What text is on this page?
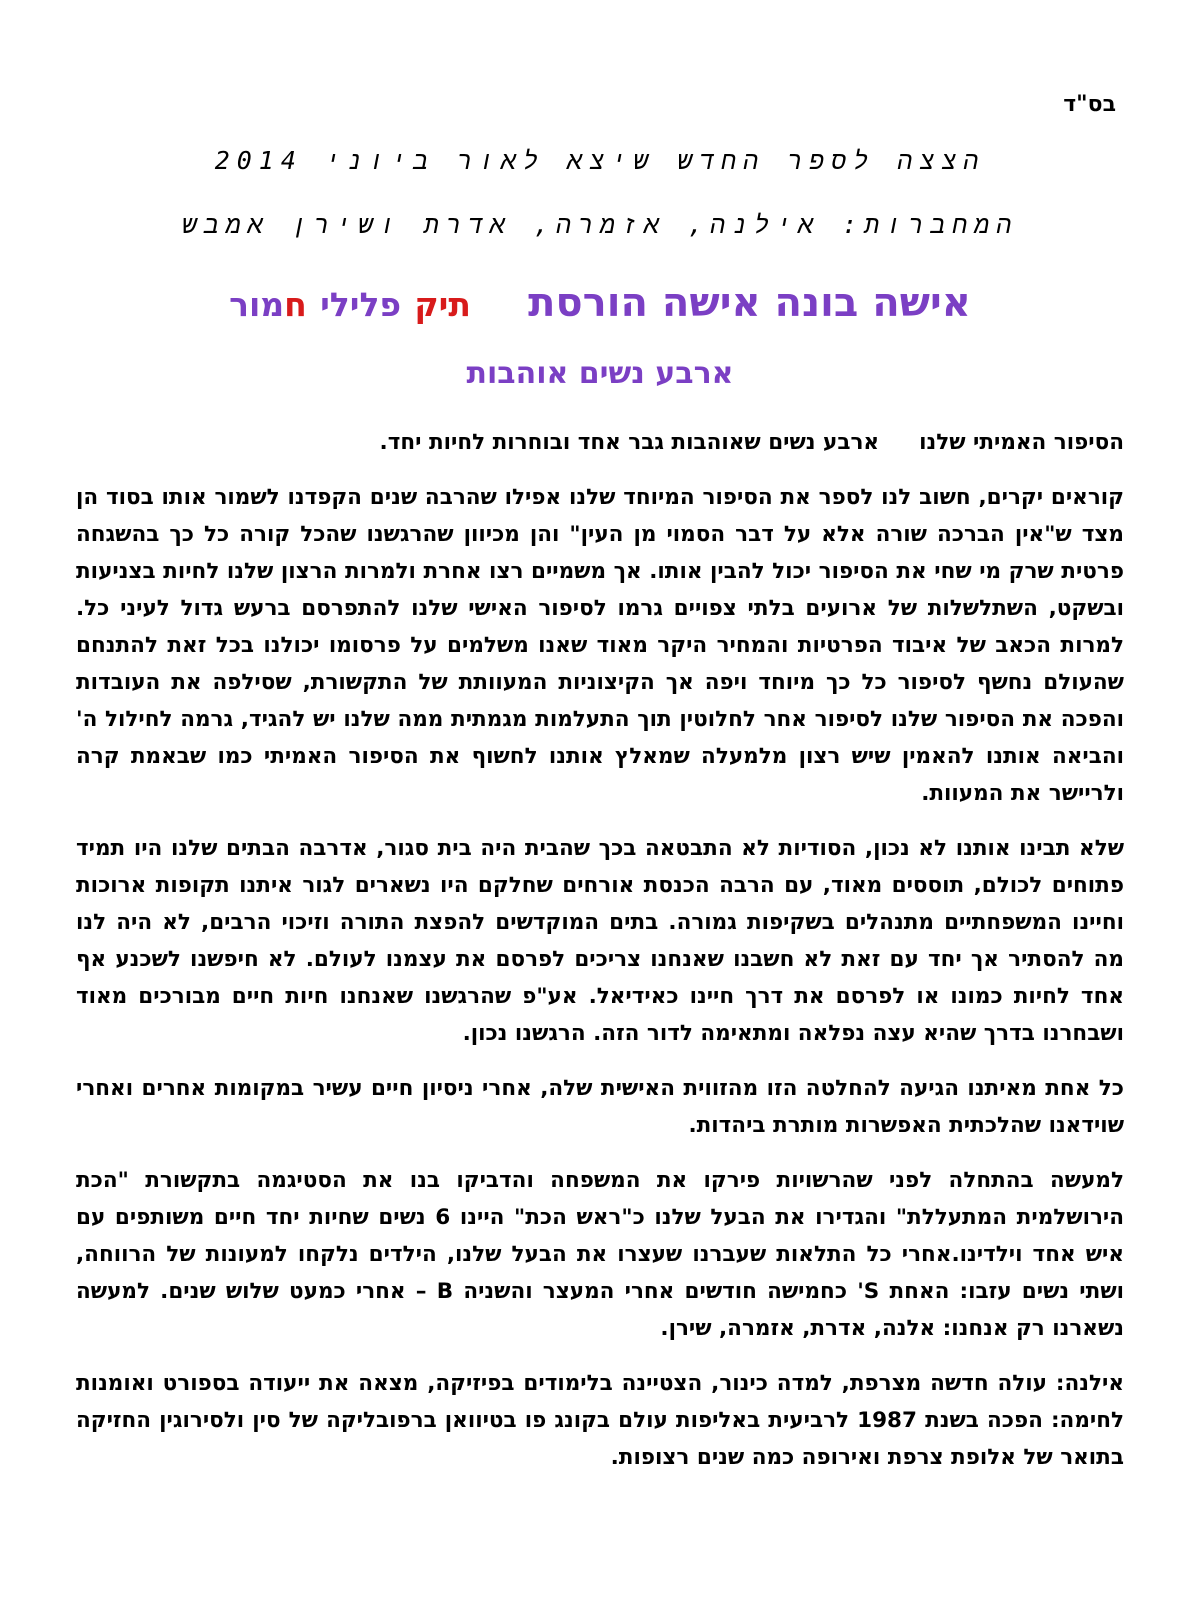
בס"ד
הצצה לספר החדש שיצא לאור ביוני 2014
המחברות: אילנה, אזמרה, אדרת ושירן אמבש
אישה בונה אישה הורסת תיק פלילי חמור
ארבע נשים אוהבות

הסיפור האמיתי שלנוארבע נשים שאוהבות גבר אחד ובוחרות לחיות יחד.

קוראים יקרים, חשוב לנו לספר את הסיפור המיוחד שלנו אפילו שהרבה שנים הקפדנו לשמור אותו בסוד הן מצד ש"אין הברכה שורה אלא על דבר הסמוי מן העין" והן מכיוון שהרגשנו שהכל קורה כל כך בהשגחה פרטית שרק מי שחי את הסיפור יכול להבין אותו. אך משמיים רצו אחרת ולמרות הרצון שלנו לחיות בצניעות ובשקט, השתלשלות של ארועים בלתי צפויים גרמו לסיפור האישי שלנו להתפרסם ברעש גדול לעיני כל. למרות הכאב של איבוד הפרטיות והמחיר היקר מאוד שאנו משלמים על פרסומו יכולנו בכל זאת להתנחם שהעולם נחשף לסיפור כל כך מיוחד ויפה אך הקיצוניות המעוותת של התקשורת, שסילפה את העובדות והפכה את הסיפור שלנו לסיפור אחר לחלוטין תוך התעלמות מגמתית ממה שלנו יש להגיד, גרמה לחילול ה' והביאה אותנו להאמין שיש רצון מלמעלה שמאלץ אותנו לחשוף את הסיפור האמיתי כמו שבאמת קרה ולריישר את המעוות.

שלא תבינו אותנו לא נכון, הסודיות לא התבטאה בכך שהבית היה בית סגור, אדרבה הבתים שלנו היו תמיד פתוחים לכולם, תוססים מאוד, עם הרבה הכנסת אורחים שחלקם היו נשארים לגור איתנו תקופות ארוכות וחיינו המשפחתיים מתנהלים בשקיפות גמורה. בתים המוקדשים להפצת התורה וזיכוי הרבים, לא היה לנו מה להסתיר אך יחד עם זאת לא חשבנו שאנחנו צריכים לפרסם את עצמנו לעולם. לא חיפשנו לשכנע אף אחד לחיות כמונו או לפרסם את דרך חיינו כאידיאל. אע"פ שהרגשנו שאנחנו חיות חיים מבורכים מאוד ושבחרנו בדרך שהיא עצה נפלאה ומתאימה לדור הזה. הרגשנו נכון.

כל אחת מאיתנו הגיעה להחלטה הזו מהזווית האישית שלה, אחרי ניסיון חיים עשיר במקומות אחרים ואחרי שוידאנו שהלכתית האפשרות מותרת ביהדות.

למעשה בהתחלה לפני שהרשויות פירקו את המשפחה והדביקו בנו את הסטיגמה בתקשורת "הכת הירושלמית המתעללת" והגדירו את הבעל שלנו כ"ראש הכת" היינו 6 נשים שחיות יחד חיים משותפים עם איש אחד וילדינו.אחרי כל התלאות שעברנו שעצרו את הבעל שלנו, הילדים נלקחו למעונות של הרווחה, ושתי נשים עזבו: האחת S' כחמישה חודשים אחרי המעצר והשניה B – אחרי כמעט שלוש שנים. למעשה נשארנו רק אנחנו: אלנה, אדרת, אזמרה, שירן.

אילנה: עולה חדשה מצרפת, למדה כינור, הצטיינה בלימודים בפיזיקה, מצאה את ייעודה בספורט ואומנות לחימה: הפכה בשנת 1987 לרביעית באליפות עולם בקונג פו בטיוואן ברפובליקה של סין ולסירוגין החזיקה בתואר של אלופת צרפת ואירופה כמה שנים רצופות.
